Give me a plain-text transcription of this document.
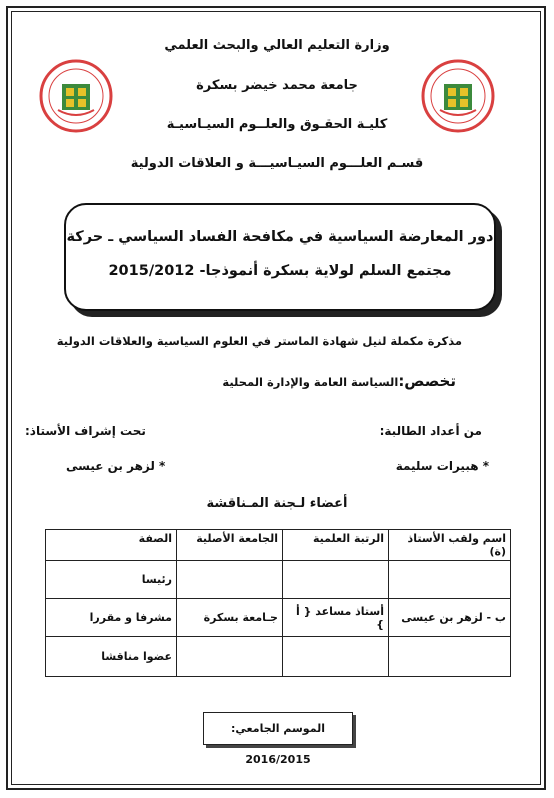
وزارة التعليم العالي والبحث العلمي
جامعة محمد خيضر بسكرة
كليـة الحقـوق والعلــوم السيـاسيـة
قسـم العلـــوم السيـاسيـــة و العلاقات الدولية
دور المعارضة السياسية في مكافحة الفساد السياسي ـ حركة
مجتمع السلم لولاية بسكرة أنموذجا- 2015/2012
مذكرة مكملة لنيل شهادة الماستر في العلوم السياسية والعلاقات الدولية
تخصص:السياسة العامة والإدارة المحلية
من أعداد الطالبة:
تحت إشراف الأستاذ:
* هبيرات سليمة
* لزهر بن عيسى
أعضاء لـجنة المـناقشة
اسم ولقب الأستاذ (ة)	الرتبة العلمية	الجامعة الأصلية	الصفة
			رئيسا
ب - لزهر بن عيسى	أستاذ مساعد { أ }	جـامعة بسكرة	مشرفا و مقررا
			عضوا مناقشا
الموسم الجامعي: 2016/2015
